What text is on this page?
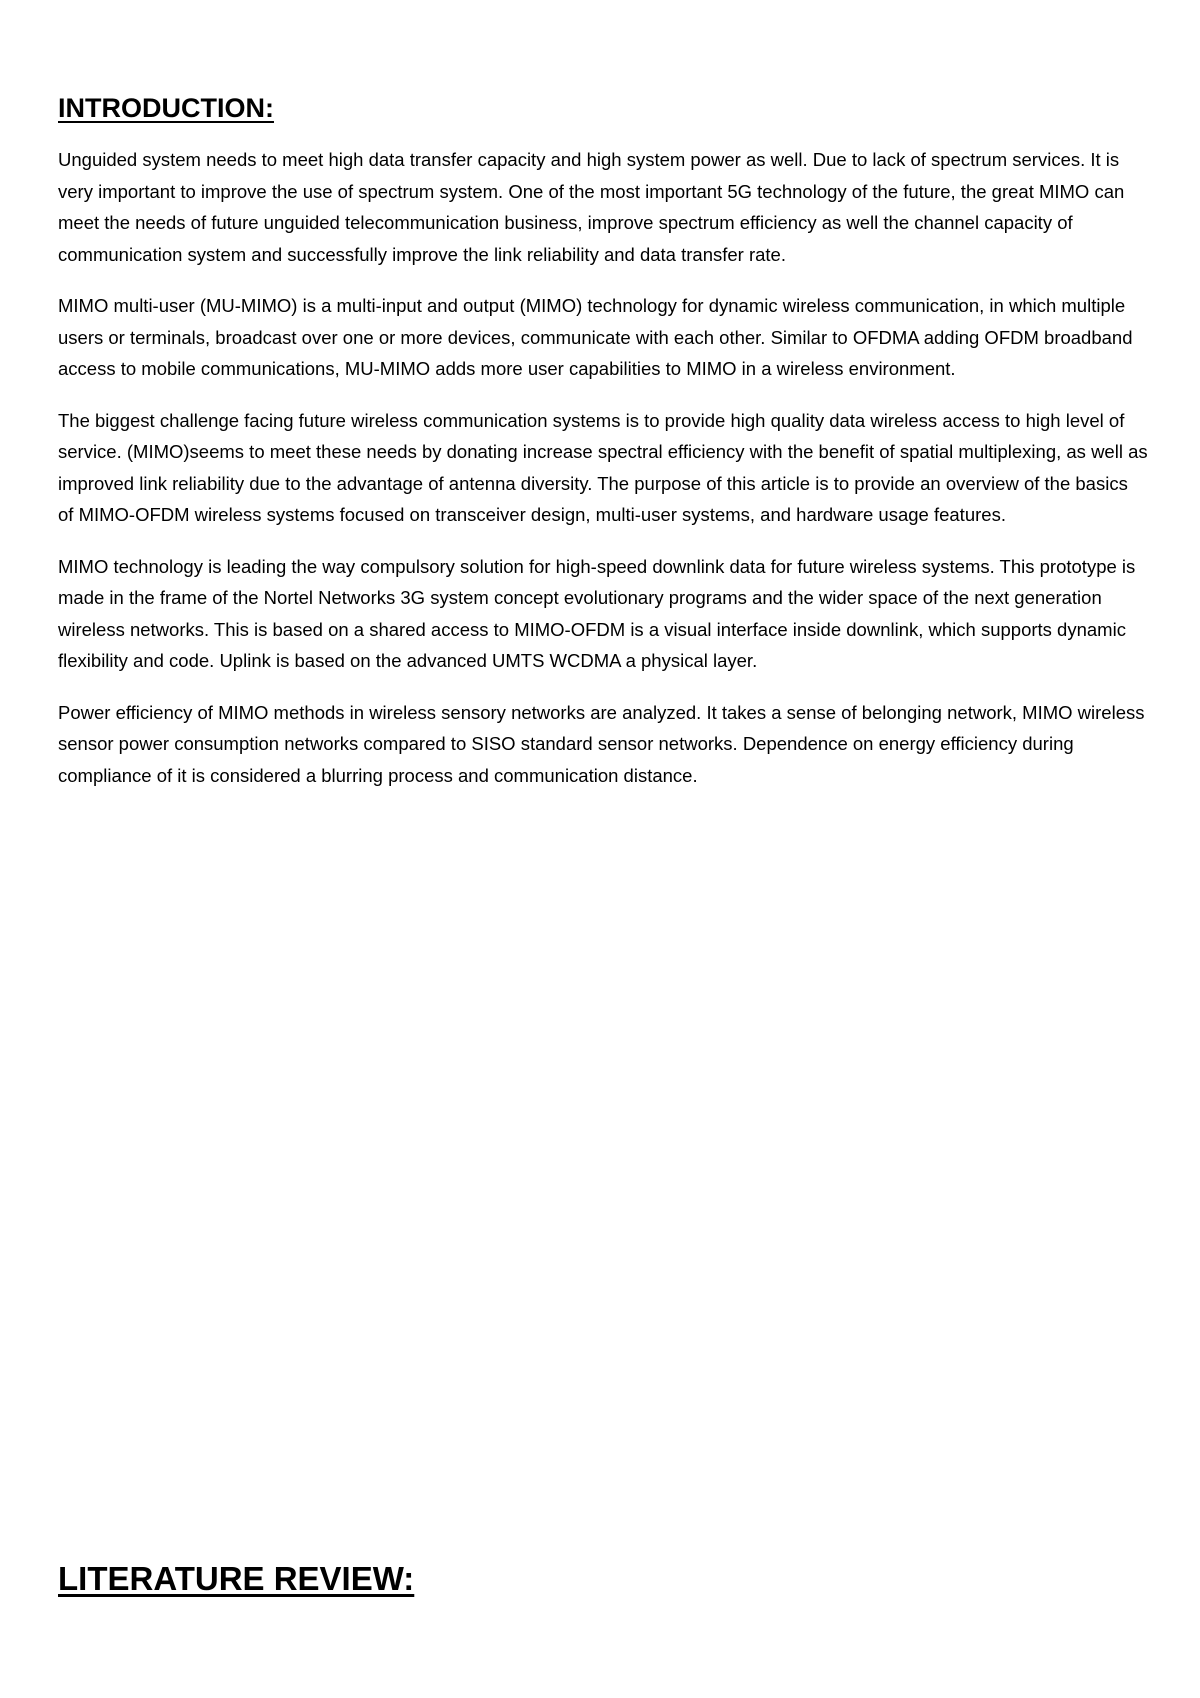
INTRODUCTION:

Unguided system needs to meet high data transfer capacity and high system power as well. Due to lack of spectrum services. It is very important to improve the use of spectrum system. One of the most important 5G technology of the future, the great MIMO can meet the needs of future unguided telecommunication business, improve spectrum efficiency as well the channel capacity of communication system and successfully improve the link reliability and data transfer rate.

MIMO multi-user (MU-MIMO) is a multi-input and output (MIMO) technology for dynamic wireless communication, in which multiple users or terminals, broadcast over one or more devices, communicate with each other. Similar to OFDMA adding OFDM broadband access to mobile communications, MU-MIMO adds more user capabilities to MIMO in a wireless environment.

The biggest challenge facing future wireless communication systems is to provide high quality data wireless access to high level of service. (MIMO)seems to meet these needs by donating increase spectral efficiency with the benefit of spatial multiplexing, as well as improved link reliability due to the advantage of antenna diversity. The purpose of this article is to provide an overview of the basics of MIMO-OFDM wireless systems focused on transceiver design, multi-user systems, and hardware usage features.

MIMO technology is leading the way compulsory solution for high-speed downlink data for future wireless systems. This prototype is made in the frame of the Nortel Networks 3G system concept evolutionary programs and the wider space of the next generation wireless networks. This is based on a shared access to MIMO-OFDM is a visual interface inside downlink, which supports dynamic flexibility and code. Uplink is based on the advanced UMTS WCDMA a physical layer.

Power efficiency of MIMO methods in wireless sensory networks are analyzed. It takes a sense of belonging network, MIMO wireless sensor power consumption networks compared to SISO standard sensor networks. Dependence on energy efficiency during compliance of it is considered a blurring process and communication distance.

LITERATURE REVIEW:
